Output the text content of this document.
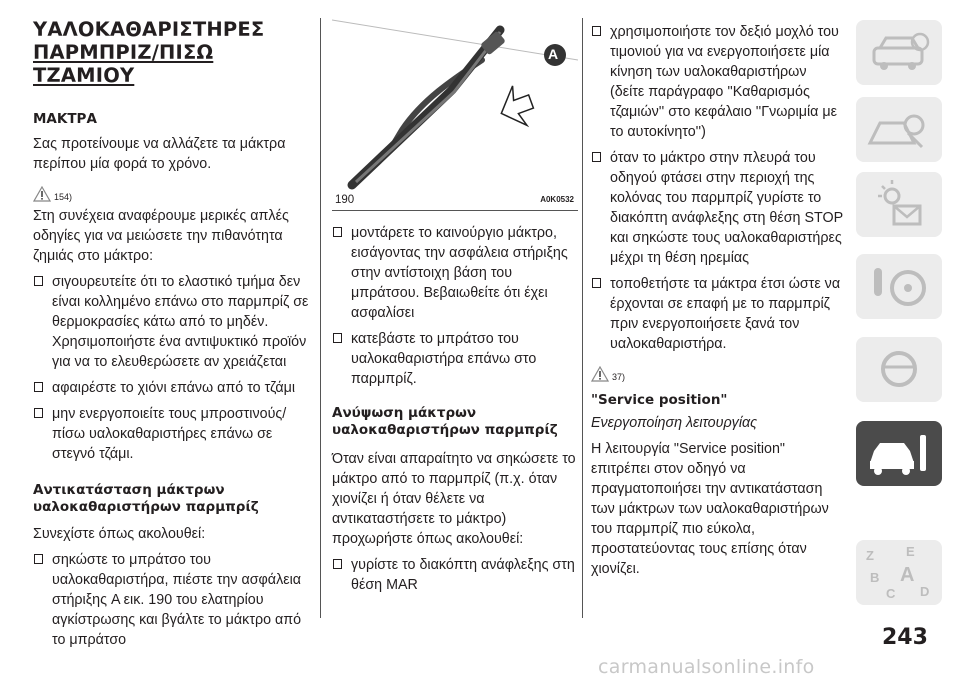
ΥΑΛΟΚΑΘΑΡΙΣΤΗΡΕΣ
ΠΑΡΜΠΡΙΖ/ΠΙΣΩ ΤΖΑΜΙΟΥ
ΜΑΚΤΡΑ

Σας προτείνουμε να αλλάζετε τα μάκτρα περίπου μία φορά το χρόνο.

154)

Στη συνέχεια αναφέρουμε μερικές απλές οδηγίες για να μειώσετε την πιθανότητα ζημιάς στο μάκτρο:

σιγουρευτείτε ότι το ελαστικό τμήμα δεν είναι κολλημένο επάνω στο παρμπρίζ σε θερμοκρασίες κάτω από το μηδέν. Χρησιμοποιήστε ένα αντιψυκτικό προϊόν για να το ελευθερώσετε αν χρειάζεται
αφαιρέστε το χιόνι επάνω από το τζάμι
μην ενεργοποιείτε τους μπροστινούς/πίσω υαλοκαθαριστήρες επάνω σε στεγνό τζάμι.
Αντικατάσταση μάκτρων υαλοκαθαριστήρων παρμπρίζ

Συνεχίστε όπως ακολουθεί:

σηκώστε το μπράτσο του υαλοκαθαριστήρα, πιέστε την ασφάλεια στήριξης A εικ. 190 του ελατηρίου αγκίστρωσης και βγάλτε το μάκτρο από το μπράτσο
A
190	A0K0532
μοντάρετε το καινούργιο μάκτρο, εισάγοντας την ασφάλεια στήριξης στην αντίστοιχη βάση του μπράτσου. Βεβαιωθείτε ότι έχει ασφαλίσει
κατεβάστε το μπράτσο του υαλοκαθαριστήρα επάνω στο παρμπρίζ.
Ανύψωση μάκτρων υαλοκαθαριστήρων παρμπρίζ

Όταν είναι απαραίτητο να σηκώσετε το μάκτρο από το παρμπρίζ (π.χ. όταν χιονίζει ή όταν θέλετε να αντικαταστήσετε το μάκτρο) προχωρήστε όπως ακολουθεί:

γυρίστε το διακόπτη ανάφλεξης στη θέση MAR
χρησιμοποιήστε τον δεξιό μοχλό του τιμονιού για να ενεργοποιήσετε μία κίνηση των υαλοκαθαριστήρων (δείτε παράγραφο ''Καθαρισμός τζαμιών'' στο κεφάλαιο ''Γνωριμία με το αυτοκίνητο'')
όταν το μάκτρο στην πλευρά του οδηγού φτάσει στην περιοχή της κολόνας του παρμπρίζ γυρίστε το διακόπτη ανάφλεξης στη θέση STOP και σηκώστε τους υαλοκαθαριστήρες μέχρι τη θέση ηρεμίας
τοποθετήστε τα μάκτρα έτσι ώστε να έρχονται σε επαφή με το παρμπρίζ πριν ενεργοποιήσετε ξανά τον υαλοκαθαριστήρα.
37)
"Service position"

Ενεργοποίηση λειτουργίας

Η λειτουργία "Service position" επιτρέπει στον οδηγό να πραγματοποιήσει την αντικατάσταση των μάκτρων των υαλοκαθαριστήρων του παρμπρίζ πιο εύκολα, προστατεύοντας τους επίσης όταν χιονίζει.

Z E
B A
C D
243
carmanualsonline.info
